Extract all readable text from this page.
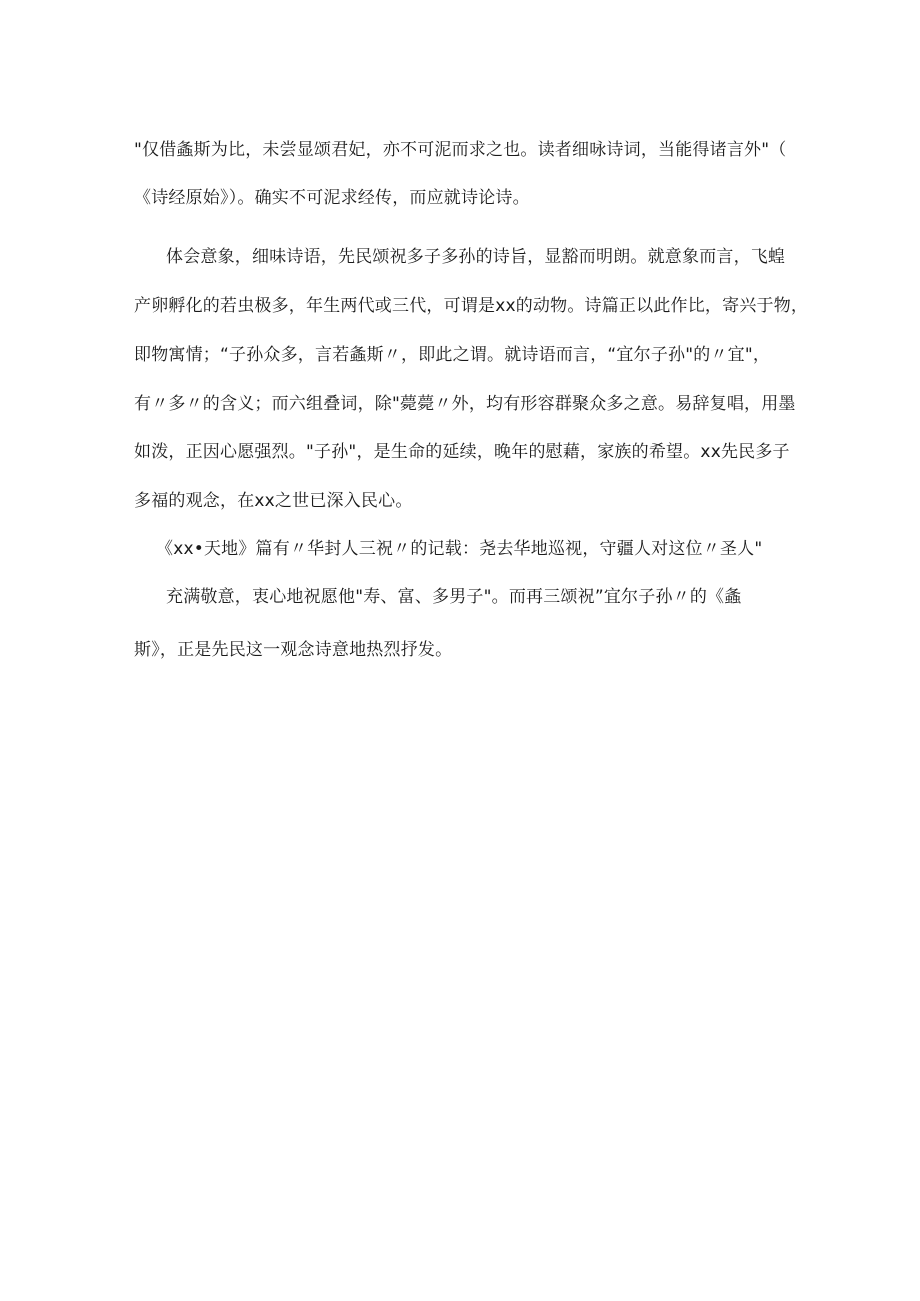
"仅借螽斯为比，未尝显颂君妃，亦不可泥而求之也。读者细咏诗词，当能得诸言外"（
《诗经原始》）。确实不可泥求经传，而应就诗论诗。
体会意象，细味诗语，先民颂祝多子多孙的诗旨，显豁而明朗。就意象而言，飞蝗
产卵孵化的若虫极多，年生两代或三代，可谓是xx的动物。诗篇正以此作比，寄兴于物，
即物寓情；“子孙众多，言若螽斯〃，即此之谓。就诗语而言，“宜尔子孙"的〃宜"，
有〃多〃的含义；而六组叠词，除"薨薨〃外，均有形容群聚众多之意。易辞复唱，用墨
如泼，正因心愿强烈。"子孙"，是生命的延续，晚年的慰藉，家族的希望。xx先民多子
多福的观念，在xx之世已深入民心。
《xx•天地》篇有〃华封人三祝〃的记载：尧去华地巡视，守疆人对这位〃圣人"
充满敬意，衷心地祝愿他"寿、富、多男子"。而再三颂祝”宜尔子孙〃的《螽
斯》，正是先民这一观念诗意地热烈抒发。
